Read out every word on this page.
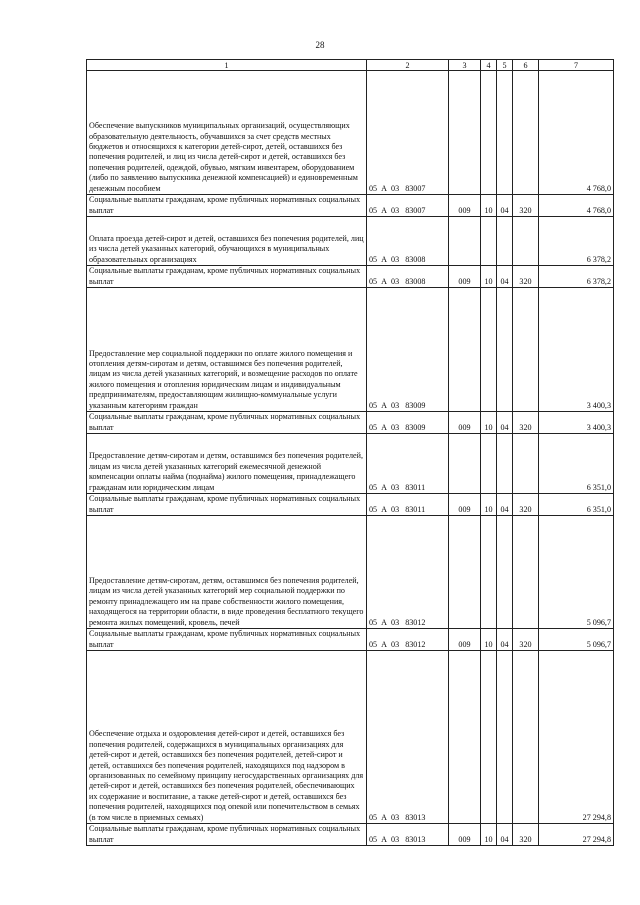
28
1	2	3	4	5	6	7
Обеспечение выпускников муниципальных организаций, осуществляющих образовательную деятельность, обучавшихся за счет средств местных бюджетов и относящихся к категории детей-сирот, детей, оставшихся без попечения родителей, и лиц из числа детей-сирот и детей, оставшихся без попечения родителей, одеждой, обувью, мягким инвентарем, оборудованием (либо по заявлению выпускника денежной компенсацией) и единовременным денежным пособием	05  А  03   83007					4 768,0
Социальные выплаты гражданам, кроме публичных нормативных социальных выплат	05  А  03   83007	009	10	04	320	4 768,0
Оплата проезда детей-сирот и детей, оставшихся без попечения родителей, лиц из числа детей указанных категорий, обучающихся в муниципальных образовательных организациях	05  А  03   83008					6 378,2
Социальные выплаты гражданам, кроме публичных нормативных социальных выплат	05  А  03   83008	009	10	04	320	6 378,2
Предоставление мер социальной поддержки по оплате жилого помещения и отопления детям-сиротам и детям, оставшимся без попечения родителей, лицам из числа детей указанных категорий, и возмещение расходов по оплате жилого помещения и отопления юридическим лицам и индивидуальным предпринимателям, предоставляющим жилищно-коммунальные услуги указанным категориям граждан	05  А  03   83009					3 400,3
Социальные выплаты гражданам, кроме публичных нормативных социальных выплат	05  А  03   83009	009	10	04	320	3 400,3
Предоставление детям-сиротам и детям, оставшимся без попечения родителей, лицам из числа детей указанных категорий ежемесячной денежной компенсации оплаты найма (поднайма) жилого помещения, принадлежащего гражданам или юридическим лицам	05  А  03   83011					6 351,0
Социальные выплаты гражданам, кроме публичных нормативных социальных выплат	05  А  03   83011	009	10	04	320	6 351,0
Предоставление детям-сиротам, детям, оставшимся без попечения родителей, лицам из числа детей указанных категорий мер социальной поддержки по ремонту принадлежащего им на праве собственности жилого помещения, находящегося на территории области, в виде проведения бесплатного текущего ремонта жилых помещений, кровель, печей	05  А  03   83012					5 096,7
Социальные выплаты гражданам, кроме публичных нормативных социальных выплат	05  А  03   83012	009	10	04	320	5 096,7
Обеспечение отдыха и оздоровления детей-сирот и детей, оставшихся без попечения родителей, содержащихся в муниципальных организациях для детей-сирот и детей, оставшихся без попечения родителей, детей-сирот и детей, оставшихся без попечения родителей, находящихся под надзором в организованных по семейному принципу негосударственных организациях для детей-сирот и детей, оставшихся без попечения родителей, обеспечивающих их содержание и воспитание, а также детей-сирот и детей, оставшихся без попечения родителей, находящихся под опекой или попечительством в семьях (в том числе в приемных семьях)	05  А  03   83013					27 294,8
Социальные выплаты гражданам, кроме публичных нормативных социальных выплат	05  А  03   83013	009	10	04	320	27 294,8
